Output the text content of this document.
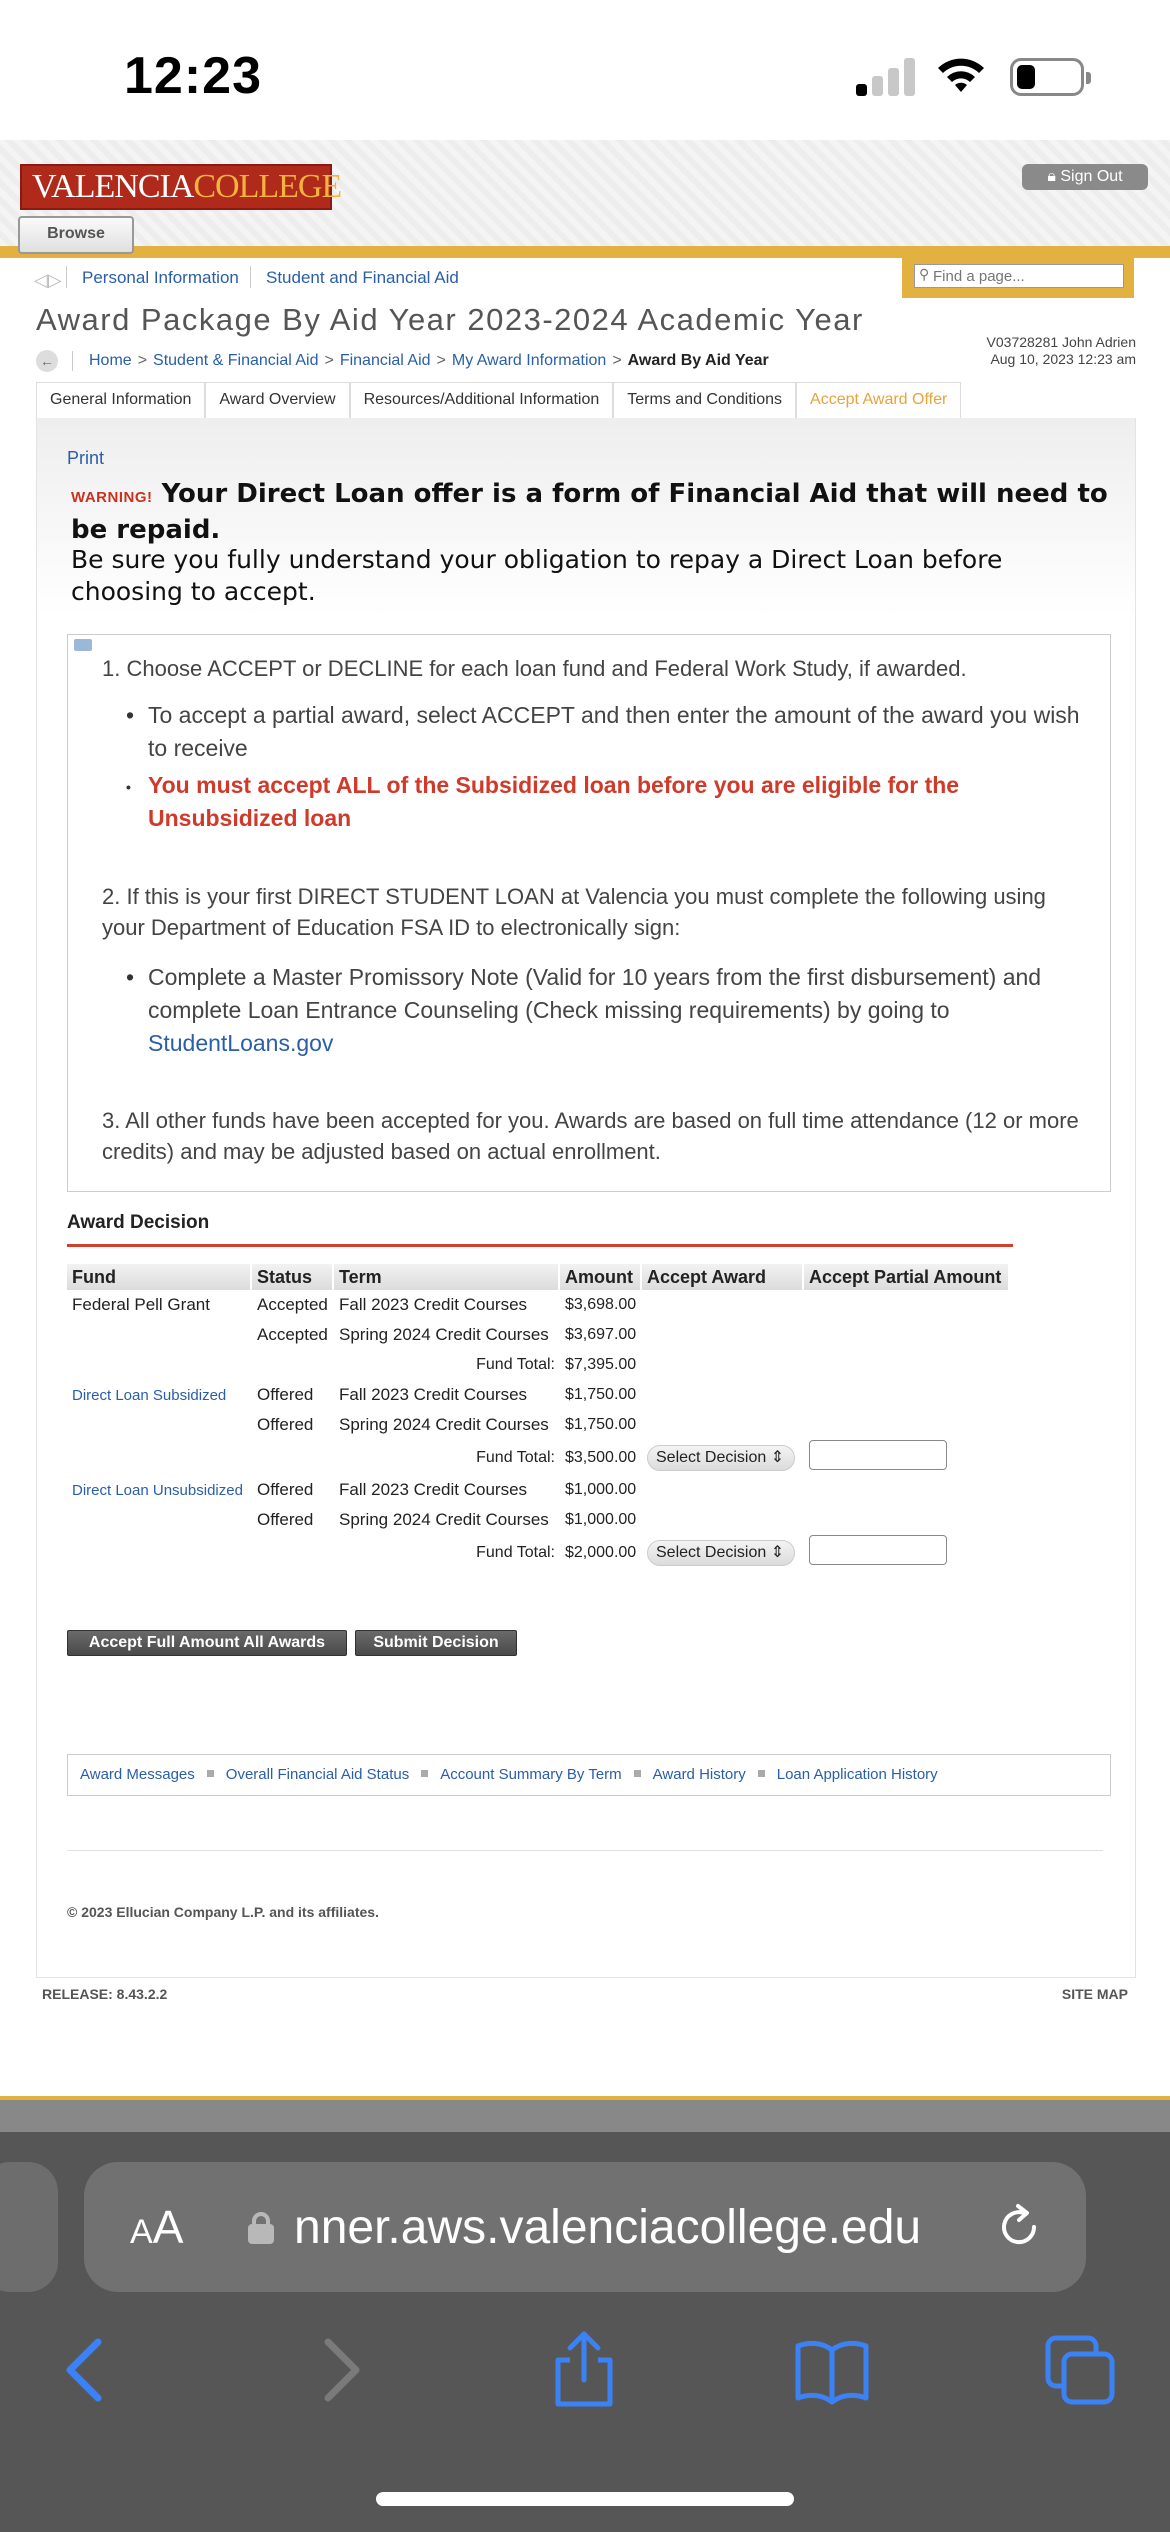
12:23
VALENCIACOLLEGE
Browse
🔒︎ Sign Out
◁▷ Personal Information Student and Financial Aid
Find a page...	⚲
Award Package By Aid Year 2023-2024 Academic Year
V03728281 John Adrien
Aug 10, 2023 12:23 am
← Home > Student & Financial Aid > Financial Aid > My Award Information > Award By Aid Year
General Information	Award Overview	Resources/Additional Information	Terms and Conditions	Accept Award Offer
Print
WARNING! Your Direct Loan offer is a form of Financial Aid that will need to be repaid.
Be sure you fully understand your obligation to repay a Direct Loan before choosing to accept.

1. Choose ACCEPT or DECLINE for each loan fund and Federal Work Study, if awarded.

• To accept a partial award, select ACCEPT and then enter the amount of the award you wish to receive
• You must accept ALL of the Subsidized loan before you are eligible for the Unsubsidized loan

2. If this is your first DIRECT STUDENT LOAN at Valencia you must complete the following using your Department of Education FSA ID to electronically sign:

• Complete a Master Promissory Note (Valid for 10 years from the first disbursement) and complete Loan Entrance Counseling (Check missing requirements) by going to StudentLoans.gov

3. All other funds have been accepted for you. Awards are based on full time attendance (12 or more credits) and may be adjusted based on actual enrollment.

Award Decision
Fund	Status	Term	Amount	Accept Award	Accept Partial Amount
Federal Pell Grant	Accepted	Fall 2023 Credit Courses	$3,698.00		
	Accepted	Spring 2024 Credit Courses	$3,697.00		
		Fund Total:	$7,395.00		
Direct Loan Subsidized	Offered	Fall 2023 Credit Courses	$1,750.00		
	Offered	Spring 2024 Credit Courses	$1,750.00		
		Fund Total:	$3,500.00	Select Decision ⇕	
Direct Loan Unsubsidized	Offered	Fall 2023 Credit Courses	$1,000.00		
	Offered	Spring 2024 Credit Courses	$1,000.00		
		Fund Total:	$2,000.00	Select Decision ⇕	
Accept Full Amount All Awards	Submit Decision
Award Messages Overall Financial Aid Status Account Summary By Term Award History Loan Application History
© 2023 Ellucian Company L.P. and its affiliates.
RELEASE: 8.43.2.2	SITE MAP
AA nner.aws.valenciacollege.edu
